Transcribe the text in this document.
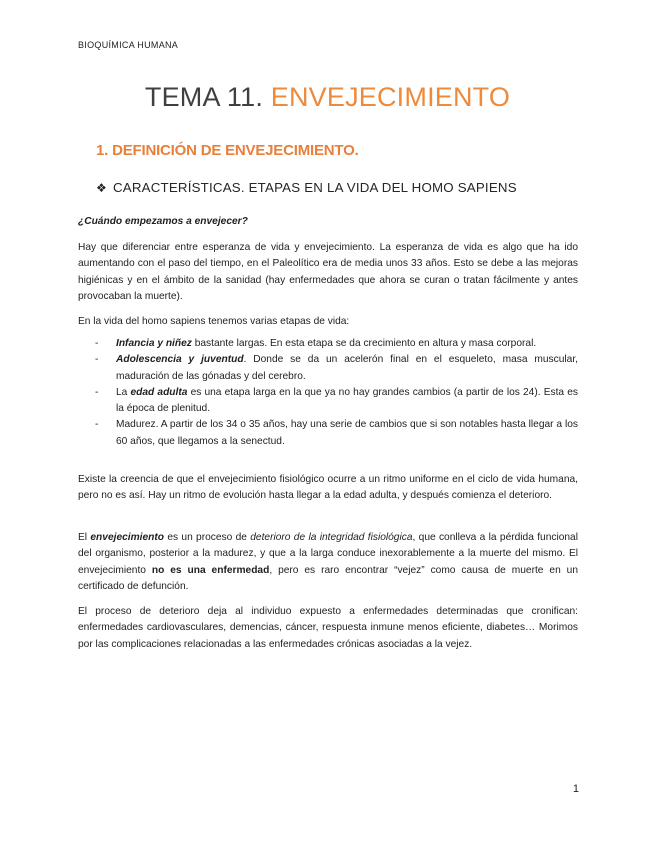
BIOQUÍMICA HUMANA
TEMA 11. ENVEJECIMIENTO
1. DEFINICIÓN DE ENVEJECIMIENTO.
❖ CARACTERÍSTICAS. ETAPAS EN LA VIDA DEL HOMO SAPIENS
¿Cuándo empezamos a envejecer?
Hay que diferenciar entre esperanza de vida y envejecimiento. La esperanza de vida es algo que ha ido aumentando con el paso del tiempo, en el Paleolítico era de media unos 33 años. Esto se debe a las mejoras higiénicas y en el ámbito de la sanidad (hay enfermedades que ahora se curan o tratan fácilmente y antes provocaban la muerte).
En la vida del homo sapiens tenemos varias etapas de vida:
- Infancia y niñez bastante largas. En esta etapa se da crecimiento en altura y masa corporal.
- Adolescencia y juventud. Donde se da un acelerón final en el esqueleto, masa muscular, maduración de las gónadas y del cerebro.
- La edad adulta es una etapa larga en la que ya no hay grandes cambios (a partir de los 24). Esta es la época de plenitud.
- Madurez. A partir de los 34 o 35 años, hay una serie de cambios que si son notables hasta llegar a los 60 años, que llegamos a la senectud.
Existe la creencia de que el envejecimiento fisiológico ocurre a un ritmo uniforme en el ciclo de vida humana, pero no es así. Hay un ritmo de evolución hasta llegar a la edad adulta, y después comienza el deterioro.
El envejecimiento es un proceso de deterioro de la integridad fisiológica, que conlleva a la pérdida funcional del organismo, posterior a la madurez, y que a la larga conduce inexorablemente a la muerte del mismo. El envejecimiento no es una enfermedad, pero es raro encontrar “vejez” como causa de muerte en un certificado de defunción.
El proceso de deterioro deja al individuo expuesto a enfermedades determinadas que cronifican: enfermedades cardiovasculares, demencias, cáncer, respuesta inmune menos eficiente, diabetes… Morimos por las complicaciones relacionadas a las enfermedades crónicas asociadas a la vejez.
1
